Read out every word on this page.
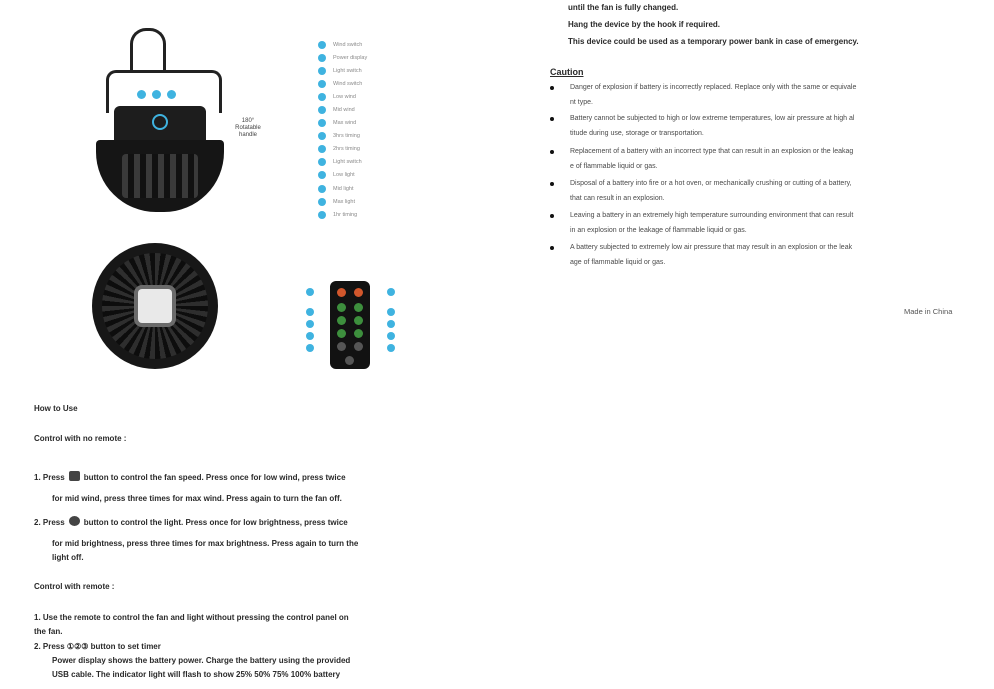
180°
Rotatable
handle
Wind switch
Power display
Light switch
Wind switch
Low wind
Mid wind
Max wind
3hrs timing
2hrs timing
Light switch
Low light
Mid light
Max light
1hr timing
How to Use
Control with no remote :
1. Press button to control the fan speed. Press once for low wind, press twice
for mid wind, press three times for max wind. Press again to turn the fan off.
2. Press button to control the light. Press once for low brightness, press twice
for mid brightness, press three times for max brightness. Press again to turn the
light off.
Control with remote :
1. Use the remote to control the fan and light without pressing the control panel on
the fan.
2. Press ①②③ button to set timer
Power display shows the battery power. Charge the battery using the provided
USB cable. The indicator light will flash to show 25% 50% 75% 100% battery
until the fan is fully changed.
Hang the device by the hook if required.
This device could be used as a temporary power bank in case of emergency.
Caution
Danger of explosion if battery is incorrectly replaced. Replace only with the same or equivale
nt type.
Battery cannot be subjected to high or low extreme temperatures, low air pressure at high al
titude during use, storage or transportation.
Replacement of a battery with an incorrect type that can result in an explosion or the leakag
e of flammable liquid or gas.
Disposal of a battery into fire or a hot oven, or mechanically crushing or cutting of a battery,
that can result in an explosion.
Leaving a battery in an extremely high temperature surrounding environment that can result
in an explosion or the leakage of flammable liquid or gas.
A battery subjected to extremely low air pressure that may result in an explosion or the leak
age of flammable liquid or gas.
Made in China
